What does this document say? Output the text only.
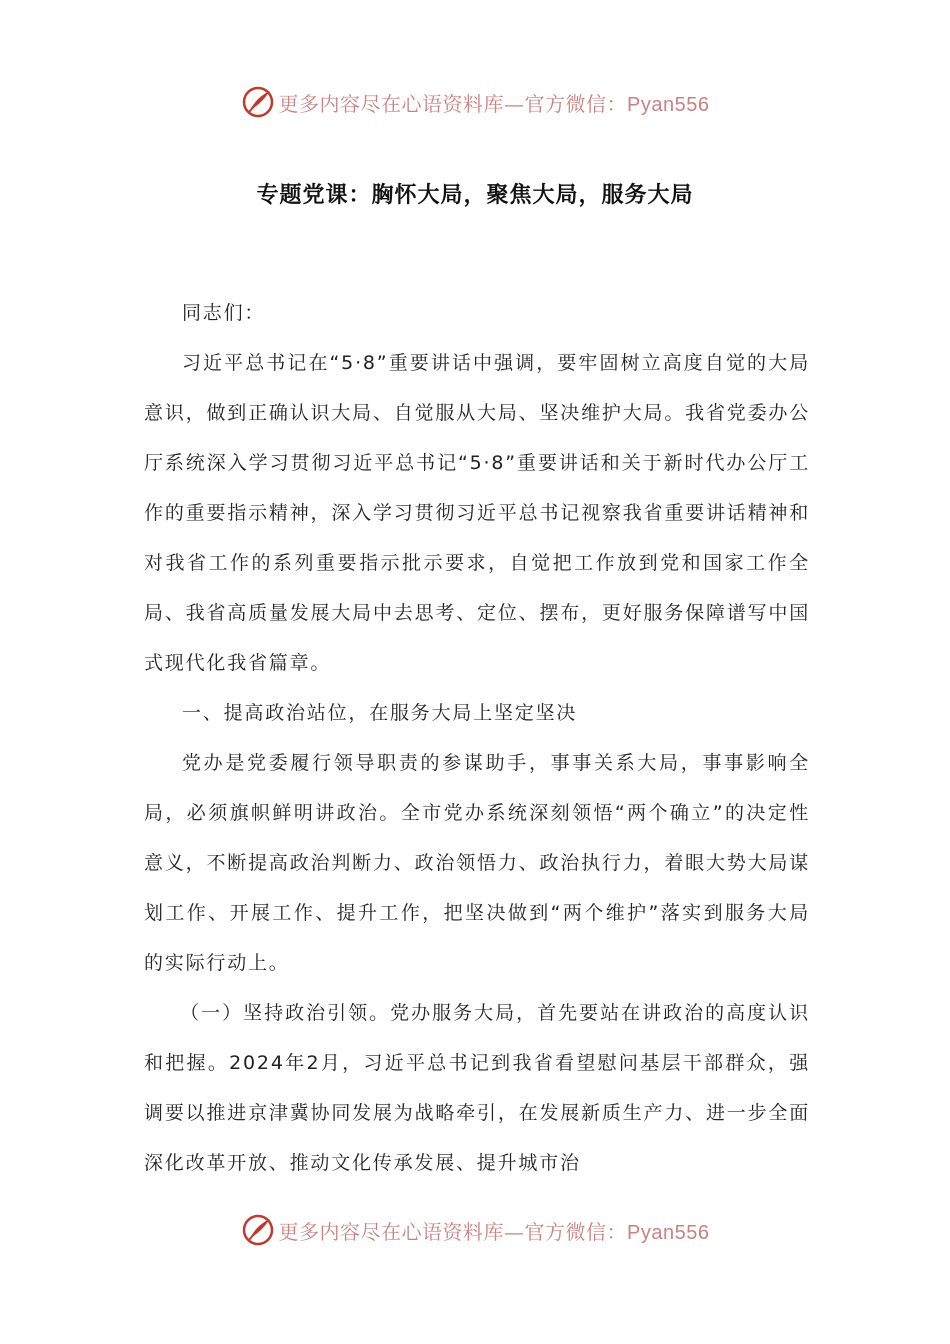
更多内容尽在心语资料库—官方微信：Pyan556
专题党课：胸怀大局，聚焦大局，服务大局

同志们：

习近平总书记在“5·8”重要讲话中强调，要牢固树立高度自觉的大局意识，做到正确认识大局、自觉服从大局、坚决维护大局。我省党委办公厅系统深入学习贯彻习近平总书记“5·8”重要讲话和关于新时代办公厅工作的重要指示精神，深入学习贯彻习近平总书记视察我省重要讲话精神和对我省工作的系列重要指示批示要求，自觉把工作放到党和国家工作全局、我省高质量发展大局中去思考、定位、摆布，更好服务保障谱写中国式现代化我省篇章。

一、提高政治站位，在服务大局上坚定坚决

党办是党委履行领导职责的参谋助手，事事关系大局，事事影响全局，必须旗帜鲜明讲政治。全市党办系统深刻领悟“两个确立”的决定性意义，不断提高政治判断力、政治领悟力、政治执行力，着眼大势大局谋划工作、开展工作、提升工作，把坚决做到“两个维护”落实到服务大局的实际行动上。

（一）坚持政治引领。党办服务大局，首先要站在讲政治的高度认识和把握。2024年2月，习近平总书记到我省看望慰问基层干部群众，强调要以推进京津冀协同发展为战略牵引，在发展新质生产力、进一步全面深化改革开放、推动文化传承发展、提升城市治

更多内容尽在心语资料库—官方微信：Pyan556
